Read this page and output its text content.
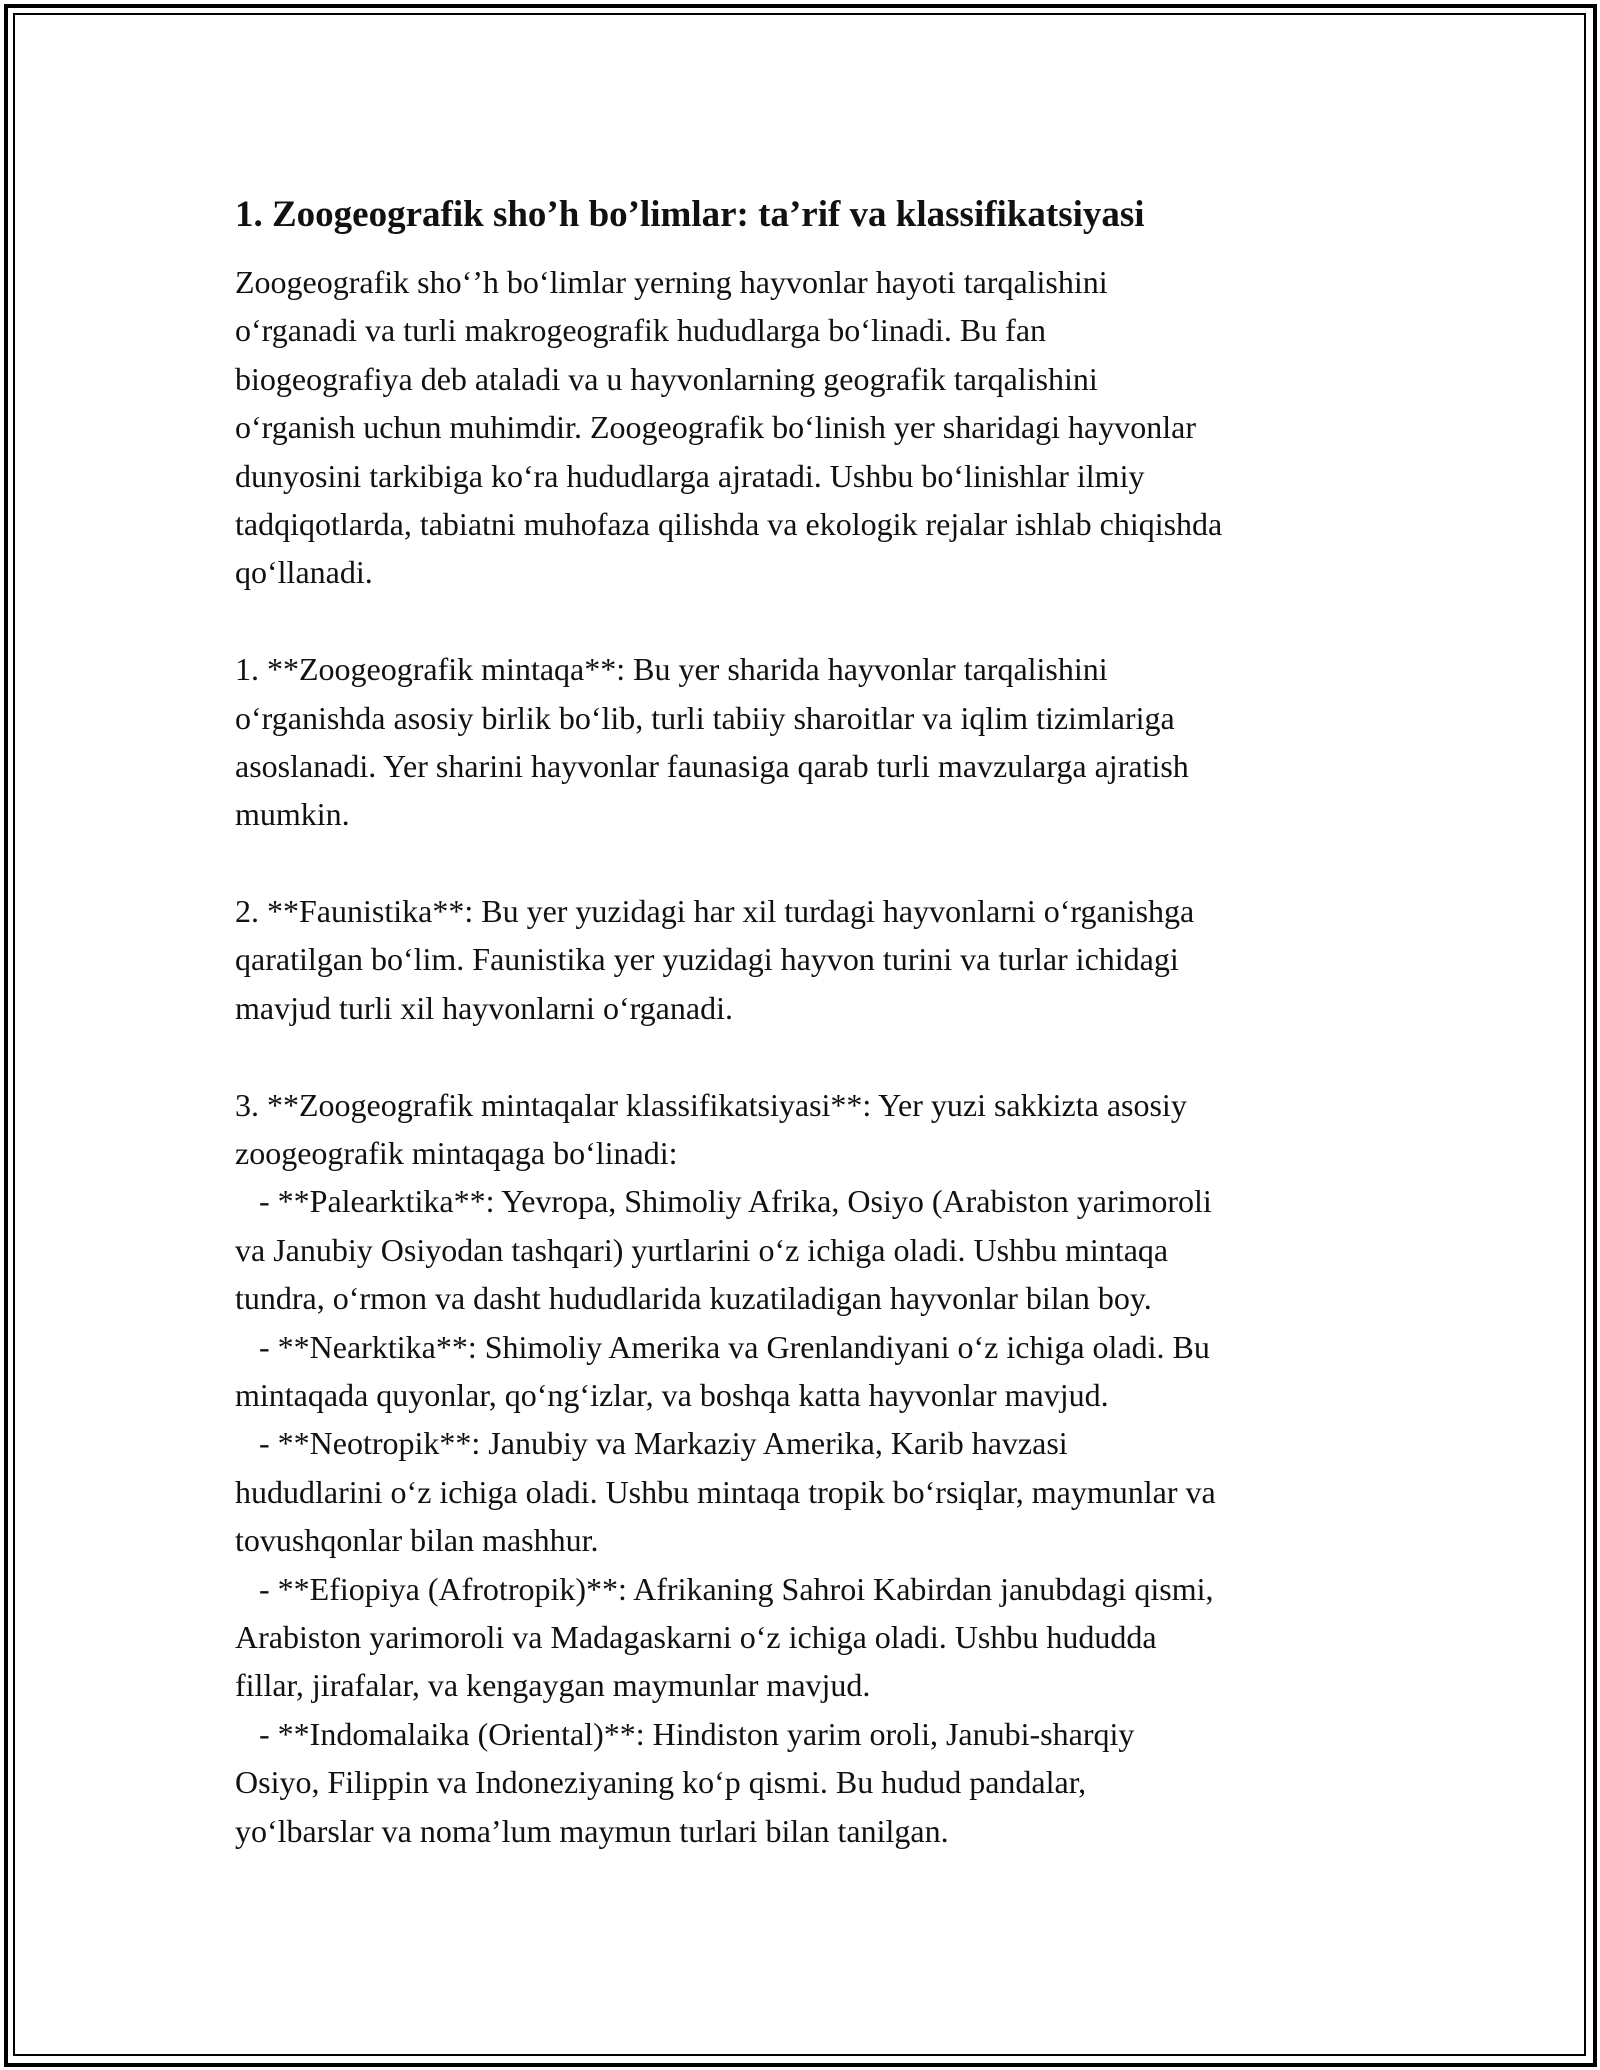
1. Zoogeografik sho’h bo’limlar: ta’rif va klassifikatsiyasi
Zoogeografik sho‘’h bo‘limlar yerning hayvonlar hayoti tarqalishini
o‘rganadi va turli makrogeografik hududlarga bo‘linadi. Bu fan
biogeografiya deb ataladi va u hayvonlarning geografik tarqalishini
o‘rganish uchun muhimdir. Zoogeografik bo‘linish yer sharidagi hayvonlar
dunyosini tarkibiga ko‘ra hududlarga ajratadi. Ushbu bo‘linishlar ilmiy
tadqiqotlarda, tabiatni muhofaza qilishda va ekologik rejalar ishlab chiqishda
qo‘llanadi.
1. **Zoogeografik mintaqa**: Bu yer sharida hayvonlar tarqalishini
o‘rganishda asosiy birlik bo‘lib, turli tabiiy sharoitlar va iqlim tizimlariga
asoslanadi. Yer sharini hayvonlar faunasiga qarab turli mavzularga ajratish
mumkin.
2. **Faunistika**: Bu yer yuzidagi har xil turdagi hayvonlarni o‘rganishga
qaratilgan bo‘lim. Faunistika yer yuzidagi hayvon turini va turlar ichidagi
mavjud turli xil hayvonlarni o‘rganadi.
3. **Zoogeografik mintaqalar klassifikatsiyasi**: Yer yuzi sakkizta asosiy
zoogeografik mintaqaga bo‘linadi:
- **Palearktika**: Yevropa, Shimoliy Afrika, Osiyo (Arabiston yarimoroli
va Janubiy Osiyodan tashqari) yurtlarini o‘z ichiga oladi. Ushbu mintaqa
tundra, o‘rmon va dasht hududlarida kuzatiladigan hayvonlar bilan boy.
- **Nearktika**: Shimoliy Amerika va Grenlandiyani o‘z ichiga oladi. Bu
mintaqada quyonlar, qo‘ng‘izlar, va boshqa katta hayvonlar mavjud.
- **Neotropik**: Janubiy va Markaziy Amerika, Karib havzasi
hududlarini o‘z ichiga oladi. Ushbu mintaqa tropik bo‘rsiqlar, maymunlar va
tovushqonlar bilan mashhur.
- **Efiopiya (Afrotropik)**: Afrikaning Sahroi Kabirdan janubdagi qismi,
Arabiston yarimoroli va Madagaskarni o‘z ichiga oladi. Ushbu hududda
fillar, jirafalar, va kengaygan maymunlar mavjud.
- **Indomalaika (Oriental)**: Hindiston yarim oroli, Janubi-sharqiy
Osiyo, Filippin va Indoneziyaning ko‘p qismi. Bu hudud pandalar,
yo‘lbarslar va noma’lum maymun turlari bilan tanilgan.
